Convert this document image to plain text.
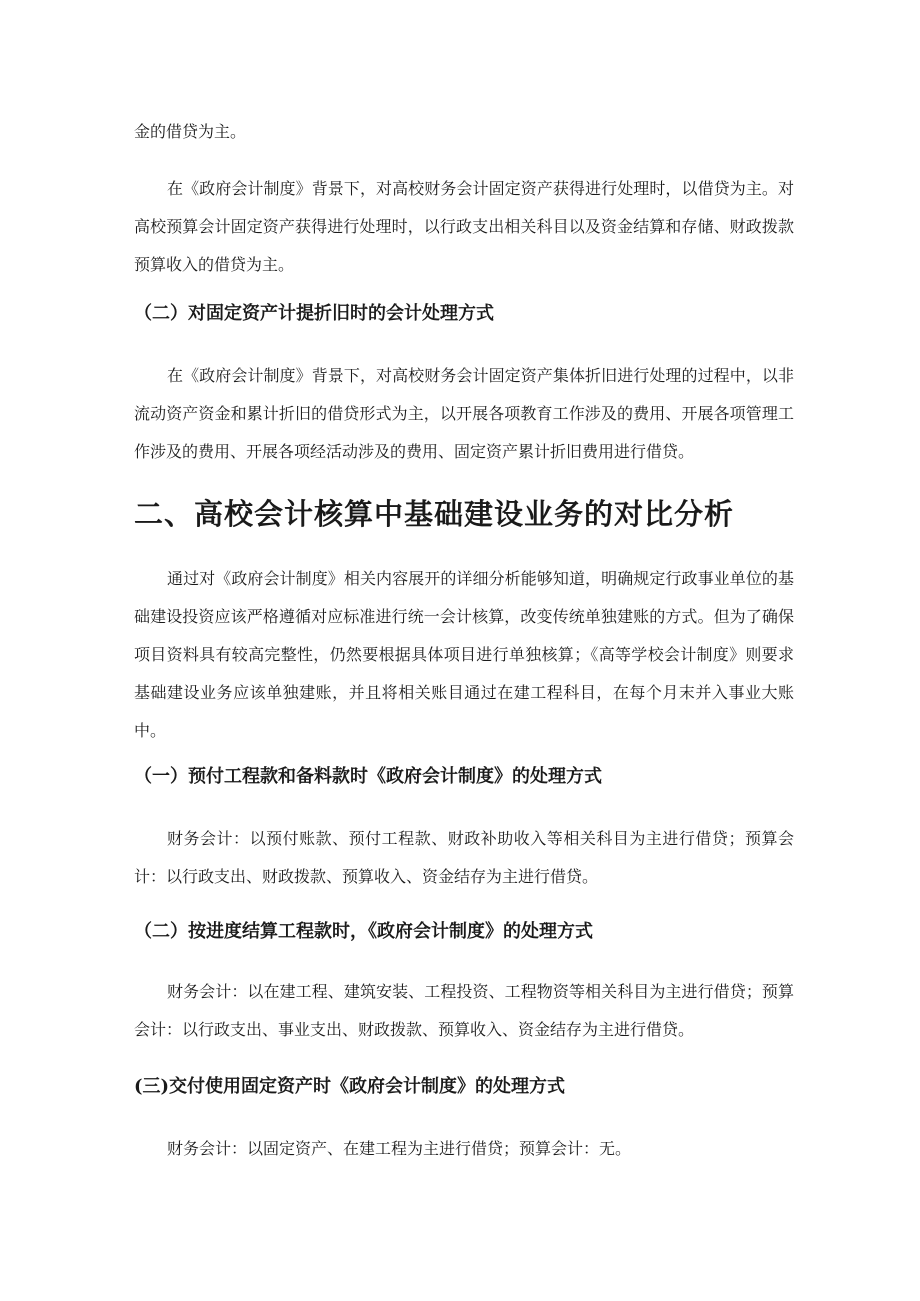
金的借贷为主。

在《政府会计制度》背景下，对高校财务会计固定资产获得进行处理时，以借贷为主。对高校预算会计固定资产获得进行处理时，以行政支出相关科目以及资金结算和存储、财政拨款预算收入的借贷为主。

（二）对固定资产计提折旧时的会计处理方式

在《政府会计制度》背景下，对高校财务会计固定资产集体折旧进行处理的过程中，以非流动资产资金和累计折旧的借贷形式为主，以开展各项教育工作涉及的费用、开展各项管理工作涉及的费用、开展各项经活动涉及的费用、固定资产累计折旧费用进行借贷。

二、高校会计核算中基础建设业务的对比分析

通过对《政府会计制度》相关内容展开的详细分析能够知道，明确规定行政事业单位的基础建设投资应该严格遵循对应标准进行统一会计核算，改变传统单独建账的方式。但为了确保项目资料具有较高完整性，仍然要根据具体项目进行单独核算；《高等学校会计制度》则要求基础建设业务应该单独建账，并且将相关账目通过在建工程科目，在每个月末并入事业大账中。

（一）预付工程款和备料款时《政府会计制度》的处理方式

财务会计：以预付账款、预付工程款、财政补助收入等相关科目为主进行借贷；预算会计：以行政支出、财政拨款、预算收入、资金结存为主进行借贷。

（二）按进度结算工程款时，《政府会计制度》的处理方式

财务会计：以在建工程、建筑安装、工程投资、工程物资等相关科目为主进行借贷；预算会计：以行政支出、事业支出、财政拨款、预算收入、资金结存为主进行借贷。

(三)交付使用固定资产时《政府会计制度》的处理方式

财务会计：以固定资产、在建工程为主进行借贷；预算会计：无。
